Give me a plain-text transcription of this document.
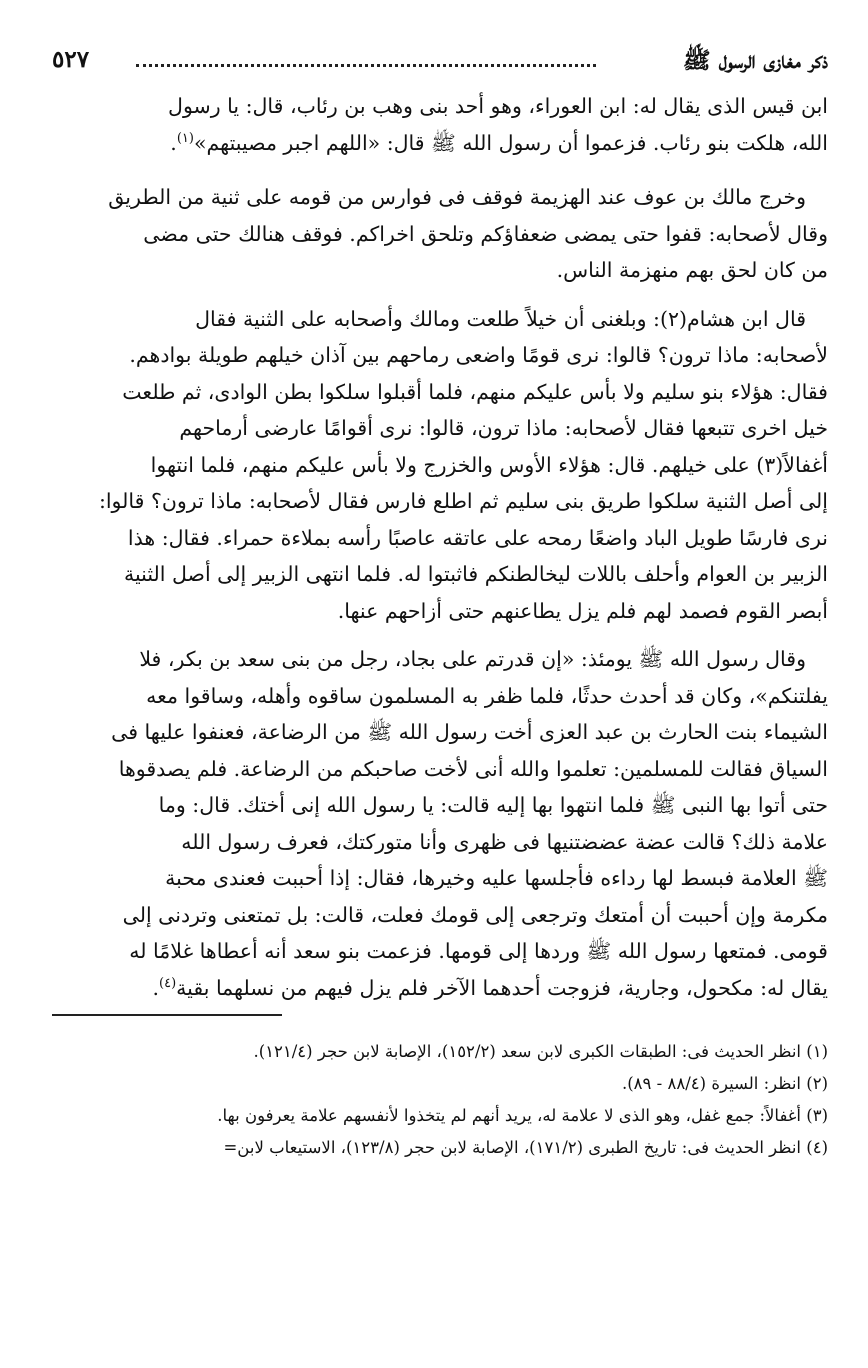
ذكر مغازى الرسول ﷺ
٥٢٧

ابن قيس الذى يقال له: ابن العوراء، وهو أحد بنى وهب بن رئاب، قال: يا رسول
الله، هلكت بنو رئاب. فزعموا أن رسول الله ﷺ قال: «اللهم اجبر مصيبتهم»$^{(١)}$.

وخرج مالك بن عوف عند الهزيمة فوقف فى فوارس من قومه على ثنية من الطريق
وقال لأصحابه: قفوا حتى يمضى ضعفاؤكم وتلحق اخراكم. فوقف هنالك حتى مضى
من كان لحق بهم منهزمة الناس.

قال ابن هشام(٢): وبلغنى أن خيلاً طلعت ومالك وأصحابه على الثنية فقال
لأصحابه: ماذا ترون؟ قالوا: نرى قومًا واضعى رماحهم بين آذان خيلهم طويلة بوادهم.
فقال: هؤلاء بنو سليم ولا بأس عليكم منهم، فلما أقبلوا سلكوا بطن الوادى، ثم طلعت
خيل اخرى تتبعها فقال لأصحابه: ماذا ترون، قالوا: نرى أقوامًا عارضى أرماحهم
أغفالاً(٣) على خيلهم. قال: هؤلاء الأوس والخزرج ولا بأس عليكم منهم، فلما انتهوا
إلى أصل الثنية سلكوا طريق بنى سليم ثم اطلع فارس فقال لأصحابه: ماذا ترون؟ قالوا:
نرى فارسًا طويل الباد واضعًا رمحه على عاتقه عاصبًا رأسه بملاءة حمراء. فقال: هذا
الزبير بن العوام وأحلف باللات ليخالطنكم فاثبتوا له. فلما انتهى الزبير إلى أصل الثنية
أبصر القوم فصمد لهم فلم يزل يطاعنهم حتى أزاحهم عنها.

وقال رسول الله ﷺ يومئذ: «إن قدرتم على بجاد، رجل من بنى سعد بن بكر، فلا
يفلتنكم»، وكان قد أحدث حدثًا، فلما ظفر به المسلمون ساقوه وأهله، وساقوا معه
الشيماء بنت الحارث بن عبد العزى أخت رسول الله ﷺ من الرضاعة، فعنفوا عليها فى
السياق فقالت للمسلمين: تعلموا والله أنى لأخت صاحبكم من الرضاعة. فلم يصدقوها
حتى أتوا بها النبى ﷺ فلما انتهوا بها إليه قالت: يا رسول الله إنى أختك. قال: وما
علامة ذلك؟ قالت عضة عضضتنيها فى ظهرى وأنا متوركتك، فعرف رسول الله
ﷺ العلامة فبسط لها رداءه فأجلسها عليه وخيرها، فقال: إذا أحببت فعندى محبة
مكرمة وإن أحببت أن أمتعك وترجعى إلى قومك فعلت، قالت: بل تمتعنى وتردنى إلى
قومى. فمتعها رسول الله ﷺ وردها إلى قومها. فزعمت بنو سعد أنه أعطاها غلامًا له
يقال له: مكحول، وجارية، فزوجت أحدهما الآخر فلم يزل فيهم من نسلهما بقية$^{(٤)}$.

(١) انظر الحديث فى: الطبقات الكبرى لابن سعد (١٥٢/٢)، الإصابة لابن حجر (١٢١/٤).

(٢) انظر: السيرة (٨٨/٤ - ٨٩).

(٣) أغفالاً: جمع غفل، وهو الذى لا علامة له، يريد أنهم لم يتخذوا لأنفسهم علامة يعرفون بها.

(٤) انظر الحديث فى: تاريخ الطبرى (١٧١/٢)، الإصابة لابن حجر (١٢٣/٨)، الاستيعاب لابن=
